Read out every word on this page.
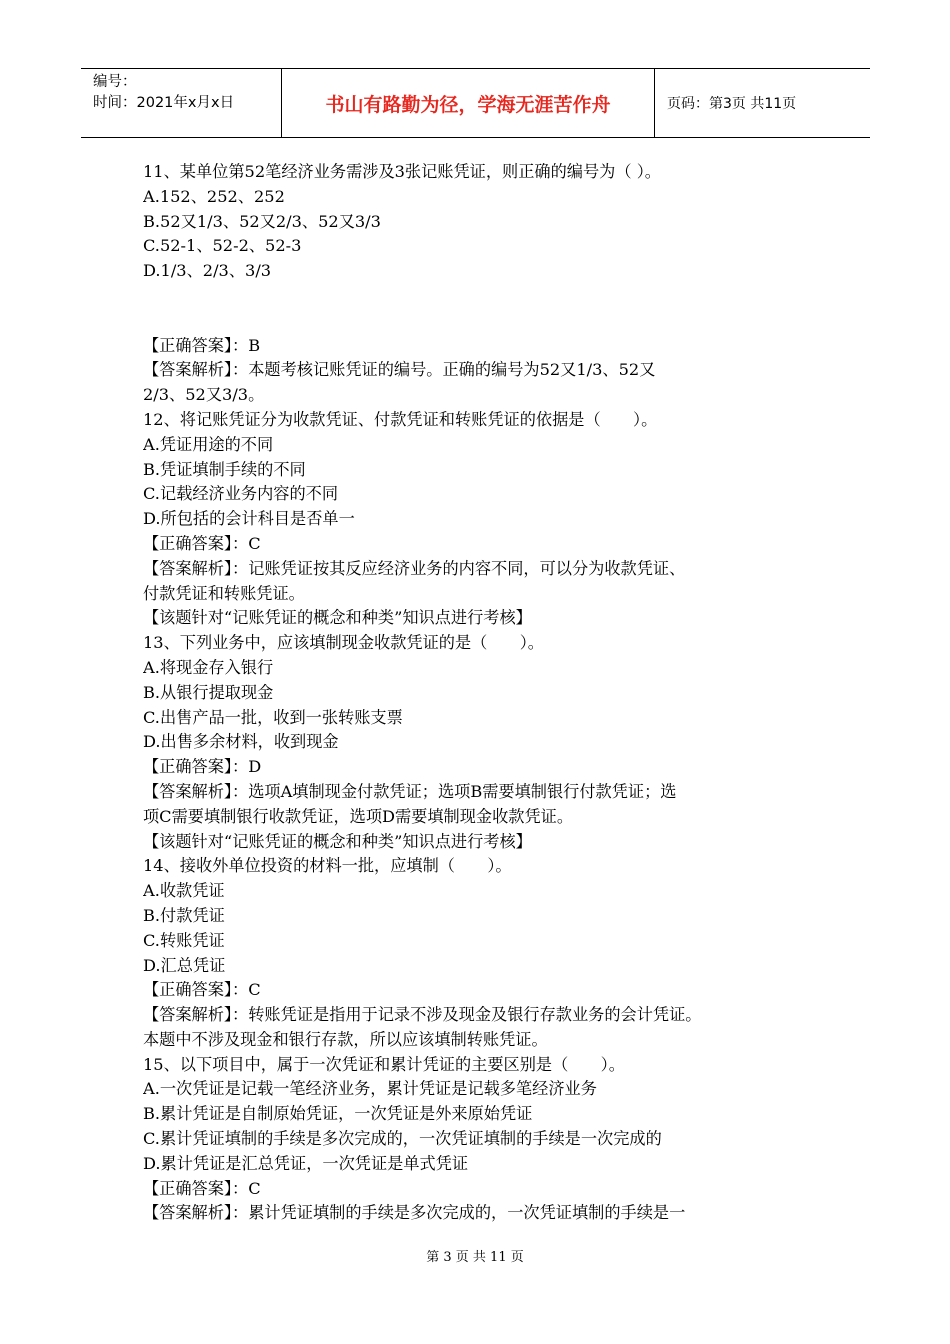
编号：
时间：2021年x月x日	书山有路勤为径，学海无涯苦作舟	页码：第3页 共11页
11、某单位第52笔经济业务需涉及3张记账凭证，则正确的编号为（ ）。
A.152、252、252
B.52又1/3、52又2/3、52又3/3
C.52-1、52-2、52-3
D.1/3、2/3、3/3
【正确答案】：B
【答案解析】：本题考核记账凭证的编号。正确的编号为52又1/3、52又
2/3、52又3/3。
12、将记账凭证分为收款凭证、付款凭证和转账凭证的依据是（　　）。
A.凭证用途的不同
B.凭证填制手续的不同
C.记载经济业务内容的不同
D.所包括的会计科目是否单一
【正确答案】：C
【答案解析】：记账凭证按其反应经济业务的内容不同，可以分为收款凭证、
付款凭证和转账凭证。
【该题针对“记账凭证的概念和种类”知识点进行考核】
13、下列业务中，应该填制现金收款凭证的是（　　）。
A.将现金存入银行
B.从银行提取现金
C.出售产品一批，收到一张转账支票
D.出售多余材料，收到现金
【正确答案】：D
【答案解析】：选项A填制现金付款凭证；选项B需要填制银行付款凭证；选
项C需要填制银行收款凭证，选项D需要填制现金收款凭证。
【该题针对“记账凭证的概念和种类”知识点进行考核】
14、接收外单位投资的材料一批，应填制（　　）。
A.收款凭证
B.付款凭证
C.转账凭证
D.汇总凭证
【正确答案】：C
【答案解析】：转账凭证是指用于记录不涉及现金及银行存款业务的会计凭证。
本题中不涉及现金和银行存款，所以应该填制转账凭证。
15、以下项目中，属于一次凭证和累计凭证的主要区别是（　　）。
A.一次凭证是记载一笔经济业务，累计凭证是记载多笔经济业务
B.累计凭证是自制原始凭证，一次凭证是外来原始凭证
C.累计凭证填制的手续是多次完成的，一次凭证填制的手续是一次完成的
D.累计凭证是汇总凭证，一次凭证是单式凭证
【正确答案】：C
【答案解析】：累计凭证填制的手续是多次完成的，一次凭证填制的手续是一
第 3 页 共 11 页
